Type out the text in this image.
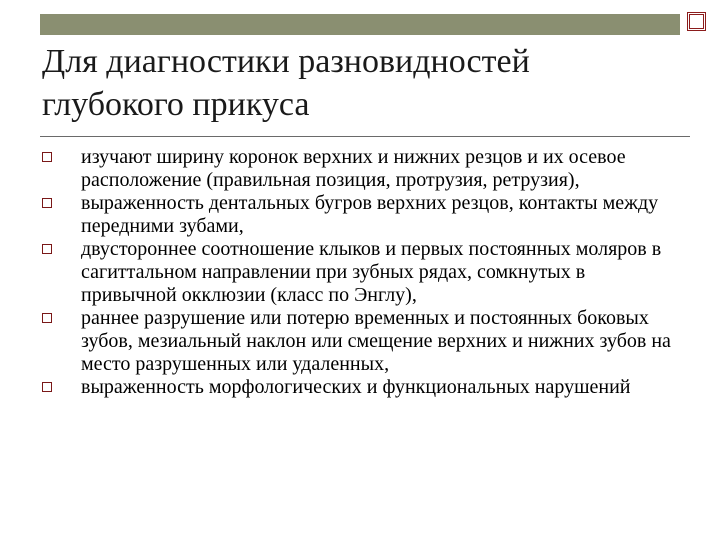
Для диагностики разновидностей глубокого прикуса
изучают ширину коронок верхних и нижних резцов и их осевое расположение (правильная позиция, протрузия, ретрузия),
выраженность дентальных бугров верхних резцов, контакты между передними зубами,
двустороннее соотношение клыков и первых постоянных моляров в сагиттальном направлении при зубных рядах, сомкнутых в привычной окклюзии (класс по Энглу),
раннее разрушение или потерю временных и постоянных боковых зубов, мезиальный наклон или смещение верхних и нижних зубов на место разрушенных или удаленных,
выраженность морфологических и функциональных нарушений
